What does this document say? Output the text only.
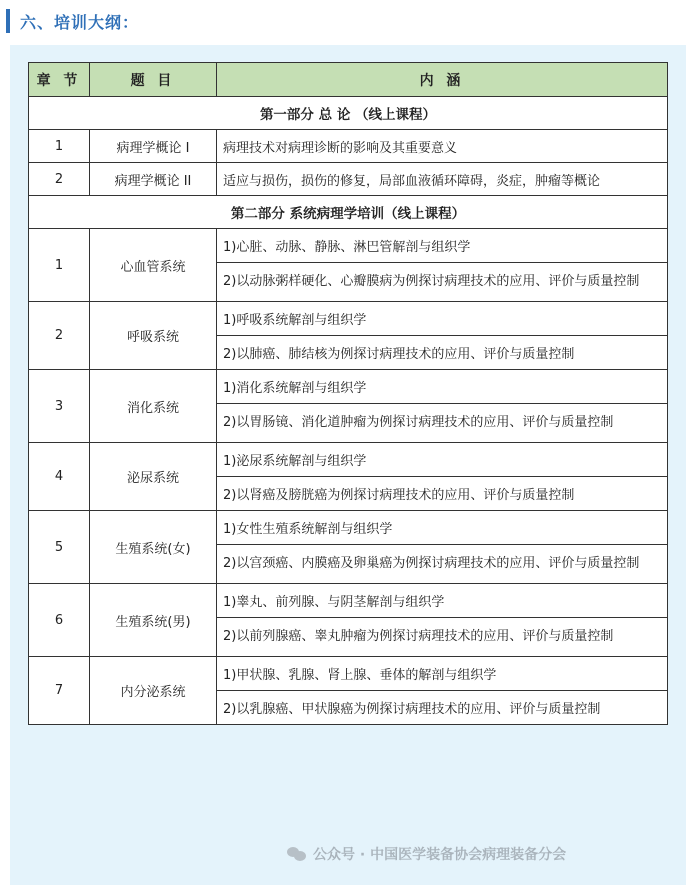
六、培训大纲：
章 节	题 目	内 涵
第一部分 总 论 （线上课程）		
1	病理学概论 I	病理技术对病理诊断的影响及其重要意义
2	病理学概论 II	适应与损伤，损伤的修复，局部血液循环障碍，炎症，肿瘤等概论
第二部分 系统病理学培训（线上课程）		
1	心血管系统	1)心脏、动脉、静脉、淋巴管解剖与组织学
		2)以动脉粥样硬化、心瓣膜病为例探讨病理技术的应用、评价与质量控制
2	呼吸系统	1)呼吸系统解剖与组织学
		2)以肺癌、肺结核为例探讨病理技术的应用、评价与质量控制
3	消化系统	1)消化系统解剖与组织学
		2)以胃肠镜、消化道肿瘤为例探讨病理技术的应用、评价与质量控制
4	泌尿系统	1)泌尿系统解剖与组织学
		2)以肾癌及膀胱癌为例探讨病理技术的应用、评价与质量控制
5	生殖系统(女)	1)女性生殖系统解剖与组织学
		2)以宫颈癌、内膜癌及卵巢癌为例探讨病理技术的应用、评价与质量控制
6	生殖系统(男)	1)睾丸、前列腺、与阴茎解剖与组织学
		2)以前列腺癌、睾丸肿瘤为例探讨病理技术的应用、评价与质量控制
7	内分泌系统	1)甲状腺、乳腺、肾上腺、垂体的解剖与组织学
		2)以乳腺癌、甲状腺癌为例探讨病理技术的应用、评价与质量控制
公众号 · 中国医学装备协会病理装备分会
